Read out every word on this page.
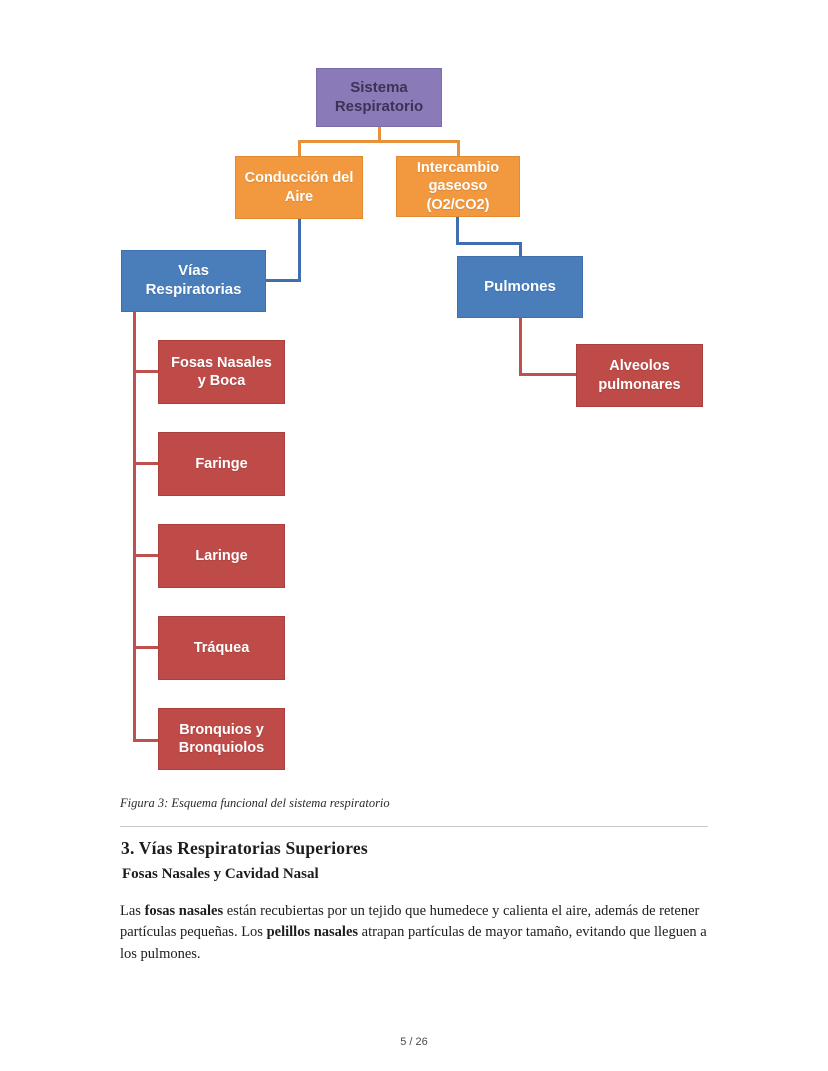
Sistema Respiratorio
Conducción del Aire
Intercambio gaseoso (O2/CO2)
Vías Respiratorias	Pulmones
Fosas Nasales y Boca
Faringe
Laringe
Tráquea
Bronquios y Bronquiolos
Alveolos pulmonares
Figura 3: Esquema funcional del sistema respiratorio
3. Vías Respiratorias Superiores
Fosas Nasales y Cavidad Nasal

Las fosas nasales están recubiertas por un tejido que humedece y calienta el aire, además de retener partículas pequeñas. Los pelillos nasales atrapan partículas de mayor tamaño, evitando que lleguen a los pulmones.

5 / 26
